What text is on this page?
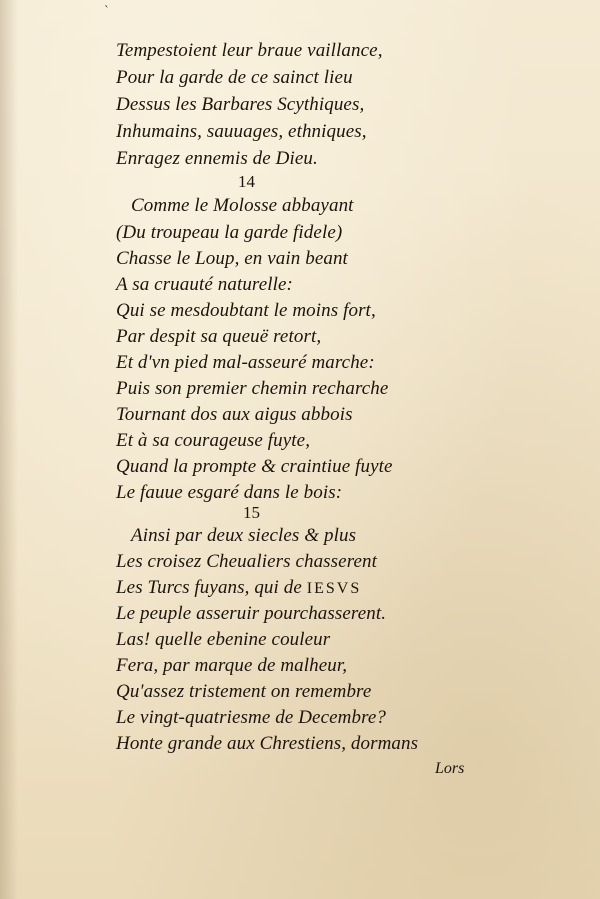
ˋ
Tempestoient leur braue vaillance,
Pour la garde de ce sainct lieu
Dessus les Barbares Scythiques,
Inhumains, sauuages, ethniques,
Enragez ennemis de Dieu.
14
Comme le Molosse abbayant
(Du troupeau la garde fidele)
Chasse le Loup, en vain beant
A sa cruauté naturelle:
Qui se mesdoubtant le moins fort,
Par despit sa queuë retort,
Et d'vn pied mal-asseuré marche:
Puis son premier chemin recharche
Tournant dos aux aigus abbois
Et à sa courageuse fuyte,
Quand la prompte & craintiue fuyte
Le fauue esgaré dans le bois:
15
Ainsi par deux siecles & plus
Les croisez Cheualiers chasserent
Les Turcs fuyans, qui de IESVS
Le peuple asseruir pourchasserent.
Las! quelle ebenine couleur
Fera, par marque de malheur,
Qu'assez tristement on remembre
Le vingt-quatriesme de Decembre?
Honte grande aux Chrestiens, dormans
Lors
